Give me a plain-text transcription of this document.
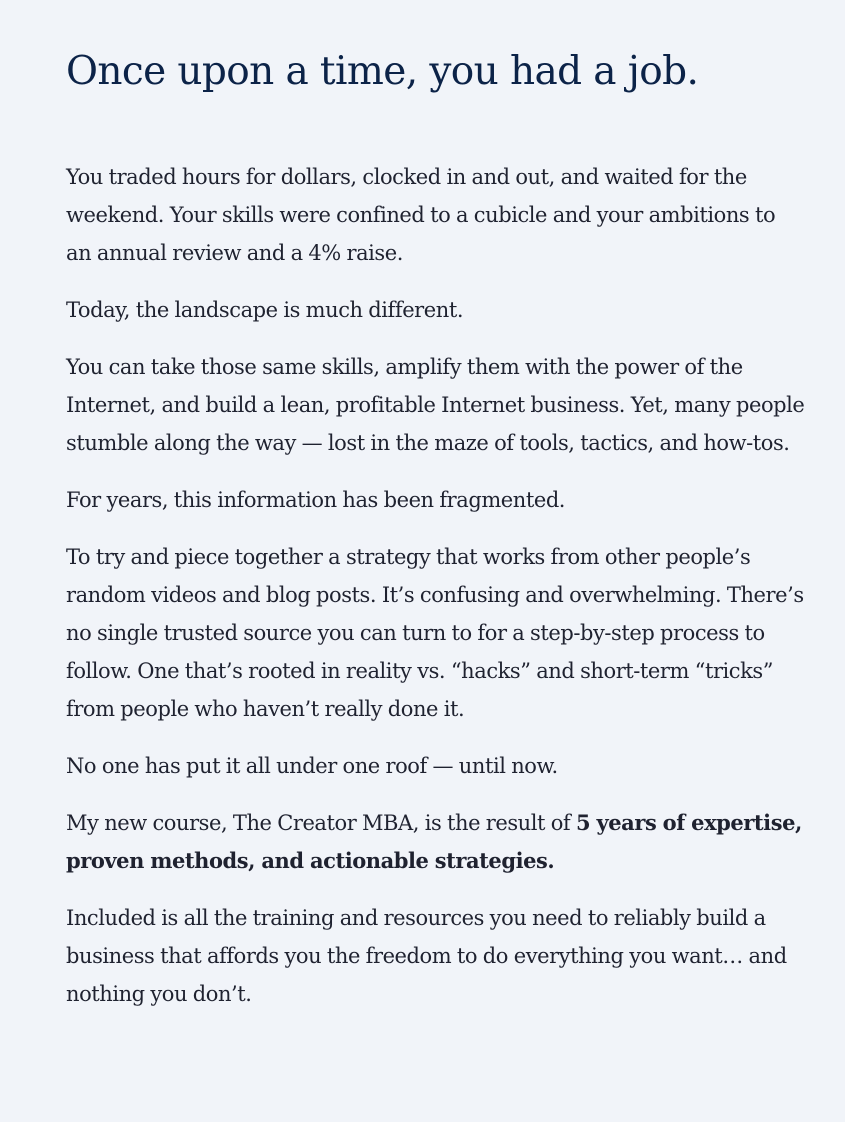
Once upon a time, you had a job.

You traded hours for dollars, clocked in and out, and waited for the weekend. Your skills were confined to a cubicle and your ambitions to an annual review and a 4% raise.

Today, the landscape is much different.

You can take those same skills, amplify them with the power of the Internet, and build a lean, profitable Internet business. Yet, many people stumble along the way — lost in the maze of tools, tactics, and how-tos.

For years, this information has been fragmented.

To try and piece together a strategy that works from other people’s random videos and blog posts. It’s confusing and overwhelming. There’s no single trusted source you can turn to for a step-by-step process to follow. One that’s rooted in reality vs. “hacks” and short-term “tricks” from people who haven’t really done it.

No one has put it all under one roof — until now.

My new course, The Creator MBA, is the result of 5 years of expertise, proven methods, and actionable strategies.

Included is all the training and resources you need to reliably build a business that affords you the freedom to do everything you want… and nothing you don’t.
